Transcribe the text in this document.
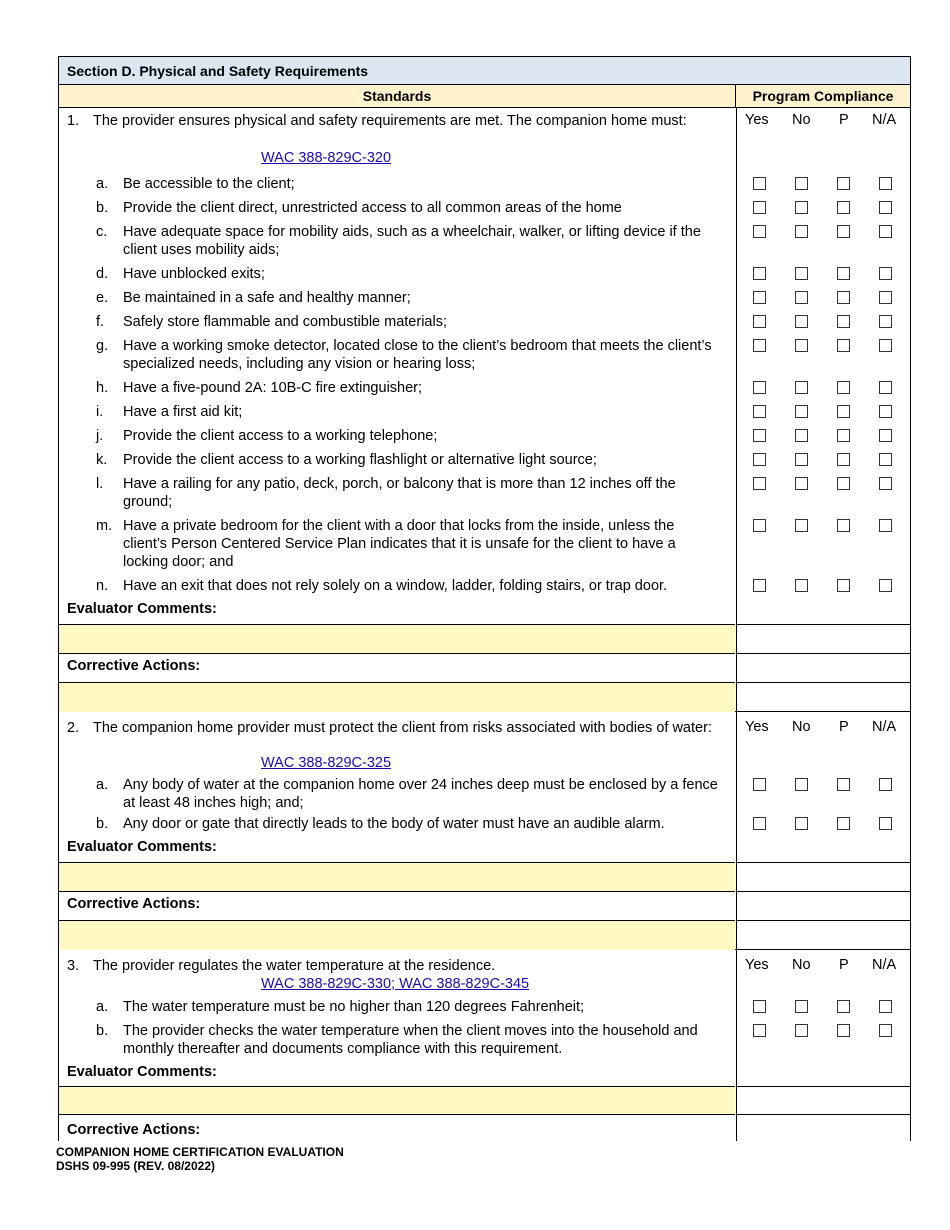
Section D. Physical and Safety Requirements
Standards	Program Compliance
1. The provider ensures physical and safety requirements are met. The companion home must:
WAC 388-829C-320
Yes No P N/A
a. Be accessible to the client;
b. Provide the client direct, unrestricted access to all common areas of the home
c. Have adequate space for mobility aids, such as a wheelchair, walker, or lifting device if the client uses mobility aids;
d. Have unblocked exits;
e. Be maintained in a safe and healthy manner;
f. Safely store flammable and combustible materials;
g. Have a working smoke detector, located close to the client’s bedroom that meets the client’s specialized needs, including any vision or hearing loss;
h. Have a five-pound 2A: 10B-C fire extinguisher;
i. Have a first aid kit;
j. Provide the client access to a working telephone;
k. Provide the client access to a working flashlight or alternative light source;
l. Have a railing for any patio, deck, porch, or balcony that is more than 12 inches off the ground;
m. Have a private bedroom for the client with a door that locks from the inside, unless the client’s Person Centered Service Plan indicates that it is unsafe for the client to have a locking door; and
n. Have an exit that does not rely solely on a window, ladder, folding stairs, or trap door.
Evaluator Comments:
Corrective Actions:
2. The companion home provider must protect the client from risks associated with bodies of water:
WAC 388-829C-325
Yes No P N/A
a. Any body of water at the companion home over 24 inches deep must be enclosed by a fence at least 48 inches high; and;
b. Any door or gate that directly leads to the body of water must have an audible alarm.
Evaluator Comments:
Corrective Actions:
3. The provider regulates the water temperature at the residence.
WAC 388-829C-330; WAC 388-829C-345
Yes No P N/A
a. The water temperature must be no higher than 120 degrees Fahrenheit;
b. The provider checks the water temperature when the client moves into the household and monthly thereafter and documents compliance with this requirement.
Evaluator Comments:
Corrective Actions:
COMPANION HOME CERTIFICATION EVALUATION
DSHS 09-995 (REV. 08/2022)
